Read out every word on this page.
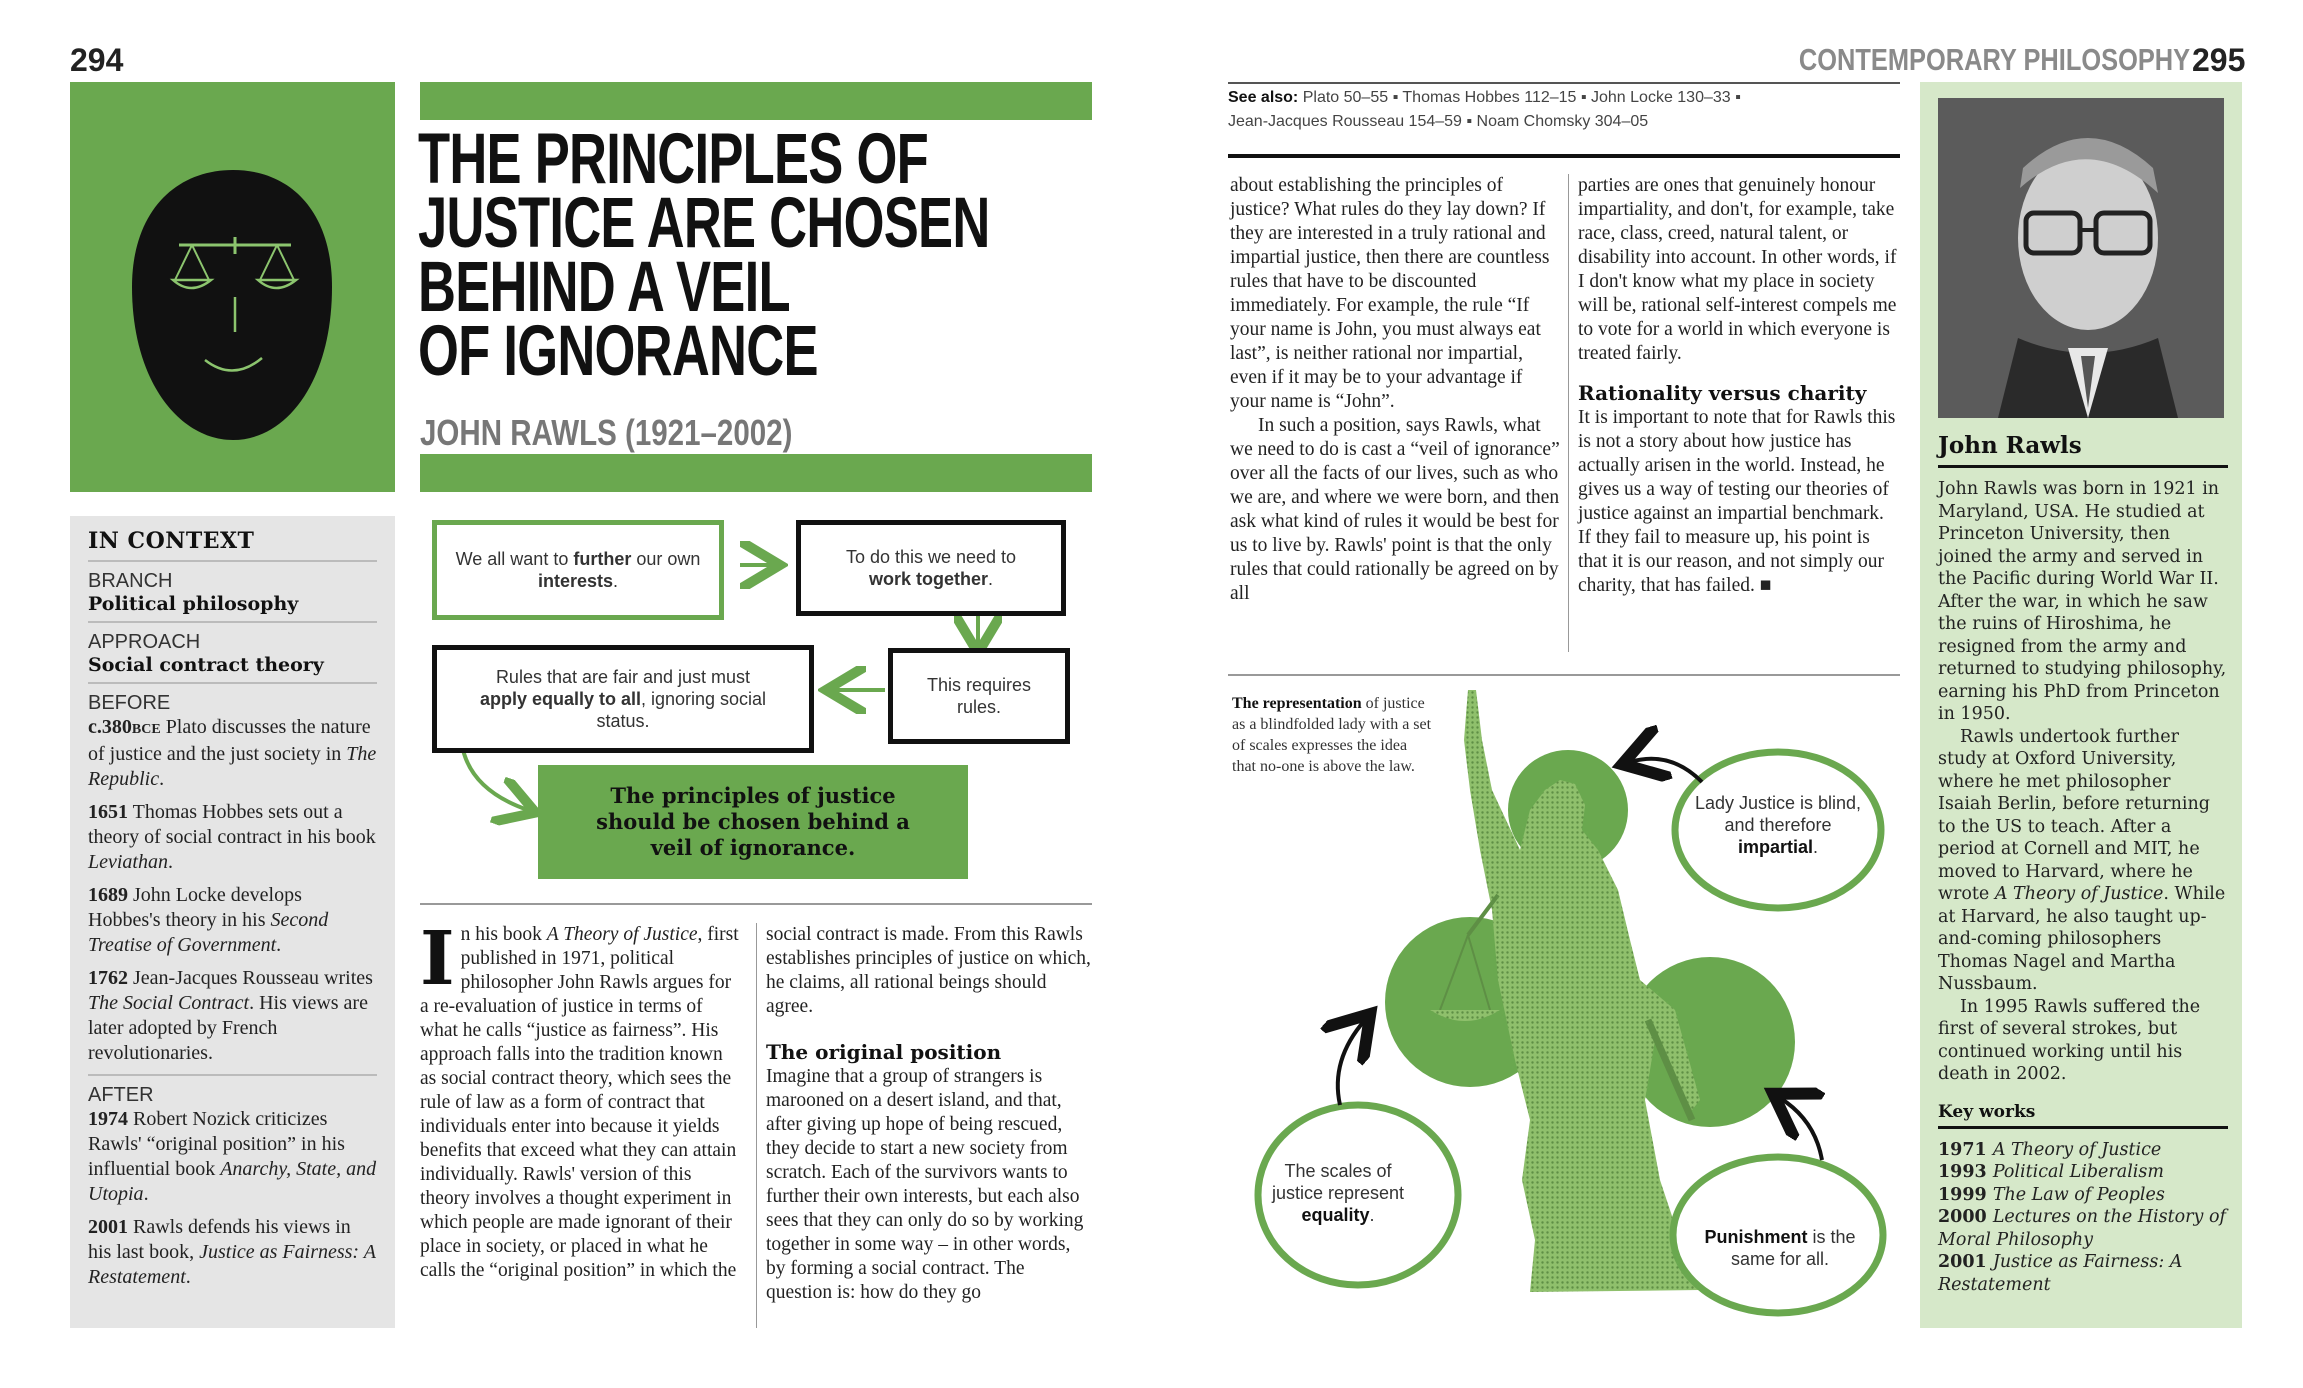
294
THE PRINCIPLES OF
JUSTICE ARE CHOSEN
BEHIND A VEIL
OF IGNORANCE
JOHN RAWLS (1921–2002)
IN CONTEXT
BRANCH
Political philosophy
APPROACH
Social contract theory
BEFORE
c.380BCE Plato discusses the nature of justice and the just society in The Republic.
1651 Thomas Hobbes sets out a theory of social contract in his book Leviathan.
1689 John Locke develops Hobbes's theory in his Second Treatise of Government.
1762 Jean-Jacques Rousseau writes The Social Contract. His views are later adopted by French revolutionaries.
AFTER
1974 Robert Nozick criticizes Rawls' “original position” in his influential book Anarchy, State, and Utopia.
2001 Rawls defends his views in his last book, Justice as Fairness: A Restatement.
We all want to further our own interests.
To do this we need to work together.
Rules that are fair and just must apply equally to all, ignoring social status.
This requires rules.
The principles of justice should be chosen behind a veil of ignorance.
In his book A Theory of Justice, first published in 1971, political philosopher John Rawls argues for a re-evaluation of justice in terms of what he calls “justice as fairness”. His approach falls into the tradition known as social contract theory, which sees the rule of law as a form of contract that individuals enter into because it yields benefits that exceed what they can attain individually. Rawls' version of this theory involves a thought experiment in which people are made ignorant of their place in society, or placed in what he calls the “original position” in which the

social contract is made. From this Rawls establishes principles of justice on which, he claims, all rational beings should agree.

The original position

Imagine that a group of strangers is marooned on a desert island, and that, after giving up hope of being rescued, they decide to start a new society from scratch. Each of the survivors wants to further their own interests, but each also sees that they can only do so by working together in some way – in other words, by forming a social contract. The question is: how do they go

CONTEMPORARY PHILOSOPHY 295
See also: Plato 50–55 ▪ Thomas Hobbes 112–15 ▪ John Locke 130–33 ▪
Jean-Jacques Rousseau 154–59 ▪ Noam Chomsky 304–05

about establishing the principles of justice? What rules do they lay down? If they are interested in a truly rational and impartial justice, then there are countless rules that have to be discounted immediately. For example, the rule “If your name is John, you must always eat last”, is neither rational nor impartial, even if it may be to your advantage if your name is “John”.

In such a position, says Rawls, what we need to do is cast a “veil of ignorance” over all the facts of our lives, such as who we are, and where we were born, and then ask what kind of rules it would be best for us to live by. Rawls' point is that the only rules that could rationally be agreed on by all

parties are ones that genuinely honour impartiality, and don't, for example, take race, class, creed, natural talent, or disability into account. In other words, if I don't know what my place in society will be, rational self-interest compels me to vote for a world in which everyone is treated fairly.

Rationality versus charity

It is important to note that for Rawls this is not a story about how justice has actually arisen in the world. Instead, he gives us a way of testing our theories of justice against an impartial benchmark. If they fail to measure up, his point is that it is our reason, and not simply our charity, that has failed. ■

The representation of justice as a blindfolded lady with a set of scales expresses the idea that no-one is above the law.
Lady Justice is blind, and therefore impartial.
The scales of justice represent equality.
Punishment is the same for all.
John Rawls
John Rawls was born in 1921 in Maryland, USA. He studied at Princeton University, then joined the army and served in the Pacific during World War II. After the war, in which he saw the ruins of Hiroshima, he resigned from the army and returned to studying philosophy, earning his PhD from Princeton in 1950.
Rawls undertook further study at Oxford University, where he met philosopher Isaiah Berlin, before returning to the US to teach. After a period at Cornell and MIT, he moved to Harvard, where he wrote A Theory of Justice. While at Harvard, he also taught up-and-coming philosophers Thomas Nagel and Martha Nussbaum.
In 1995 Rawls suffered the first of several strokes, but continued working until his death in 2002.
Key works
1971 A Theory of Justice
1993 Political Liberalism
1999 The Law of Peoples
2000 Lectures on the History of Moral Philosophy
2001 Justice as Fairness: A Restatement
